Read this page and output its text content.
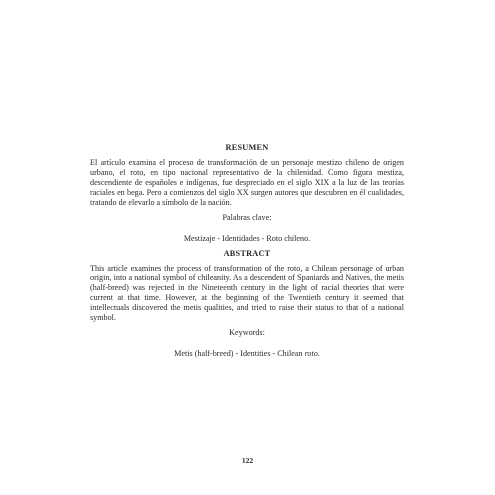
RESUMEN

El artículo examina el proceso de transformación de un personaje mestizo chileno de origen urbano, el roto, en tipo nacional representativo de la chilenidad. Como figura mestiza, descendiente de españoles e indígenas, fue despreciado en el siglo XIX a la luz de las teorías raciales en bega. Pero a comienzos del siglo XX surgen autores que descubren en él cualidades, tratando de elevarlo a símbolo de la nación.

Palabras clave:

Mestizaje - Identidades - Roto chileno.

ABSTRACT

This article examines the process of transformation of the roto, a Chilean personage of urban origin, into a national symbol of chileanity. As a descendent of Spaniards and Natives, the metis (half-breed) was rejected in the Nineteenth century in the light of racial theories that were current at that time. However, at the beginning of the Twentieth century it seemed that intellectuals discovered the metis qualities, and tried to raise their status to that of a national symbol.

Keywords:

Metis (half-breed) - Identities - Chilean roto.

122
